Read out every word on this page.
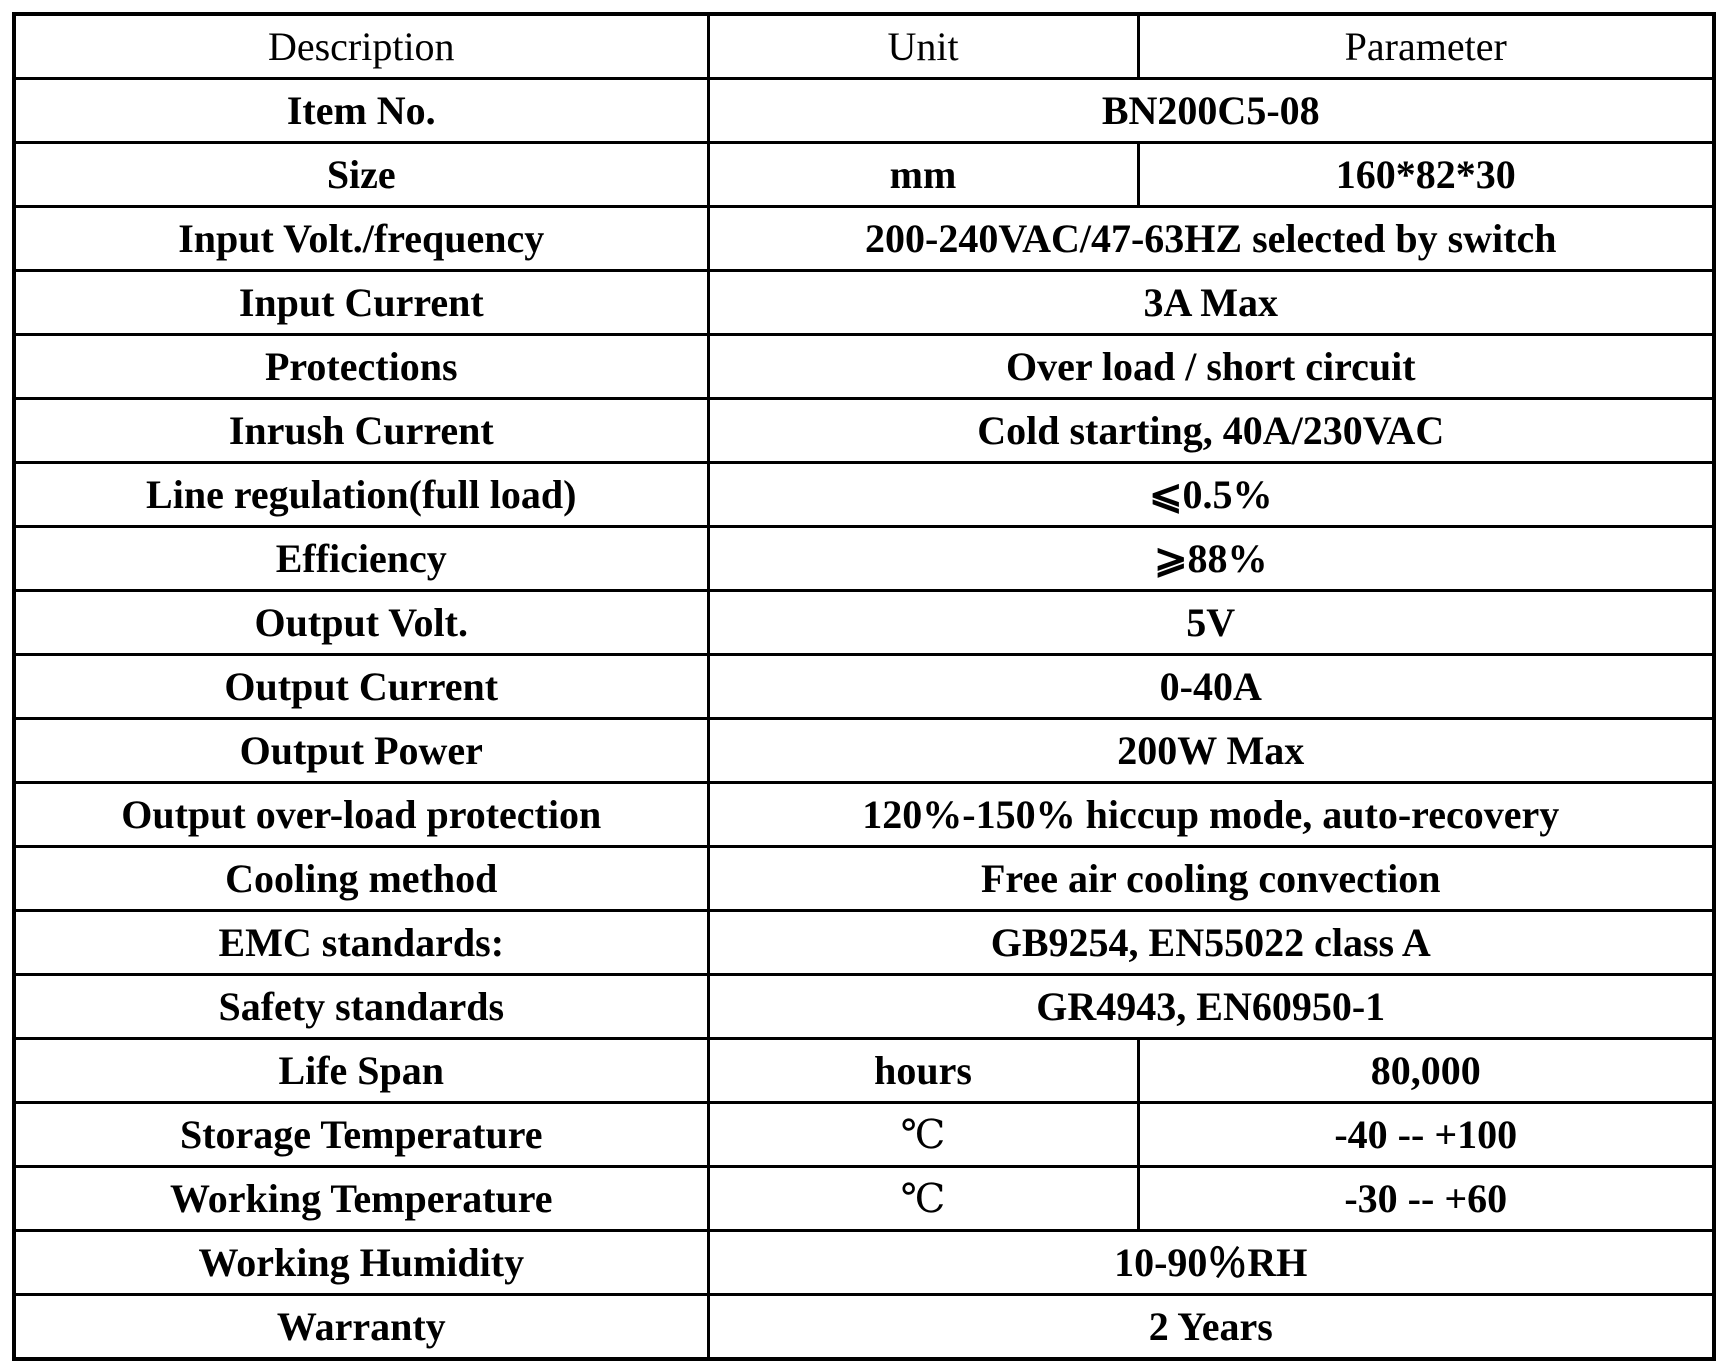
Description	Unit	Parameter
Item No.	BN200C5-08	
Size	mm	160*82*30
Input Volt./frequency	200-240VAC/47-63HZ selected by switch	
Input Current	3A Max	
Protections	Over load / short circuit	
Inrush Current	Cold starting, 40A/230VAC	
Line regulation(full load)	⩽0.5%	
Efficiency	⩾88%	
Output Volt.	5V	
Output Current	0-40A	
Output Power	200W Max	
Output over-load protection	120%-150% hiccup mode, auto-recovery	
Cooling method	Free air cooling convection	
EMC standards:	GB9254, EN55022 class A	
Safety standards	GR4943, EN60950-1	
Life Span	hours	80,000
Storage Temperature	℃	-40 -- +100
Working Temperature	℃	-30 -- +60
Working Humidity	10-90％RH	
Warranty	2 Years	
